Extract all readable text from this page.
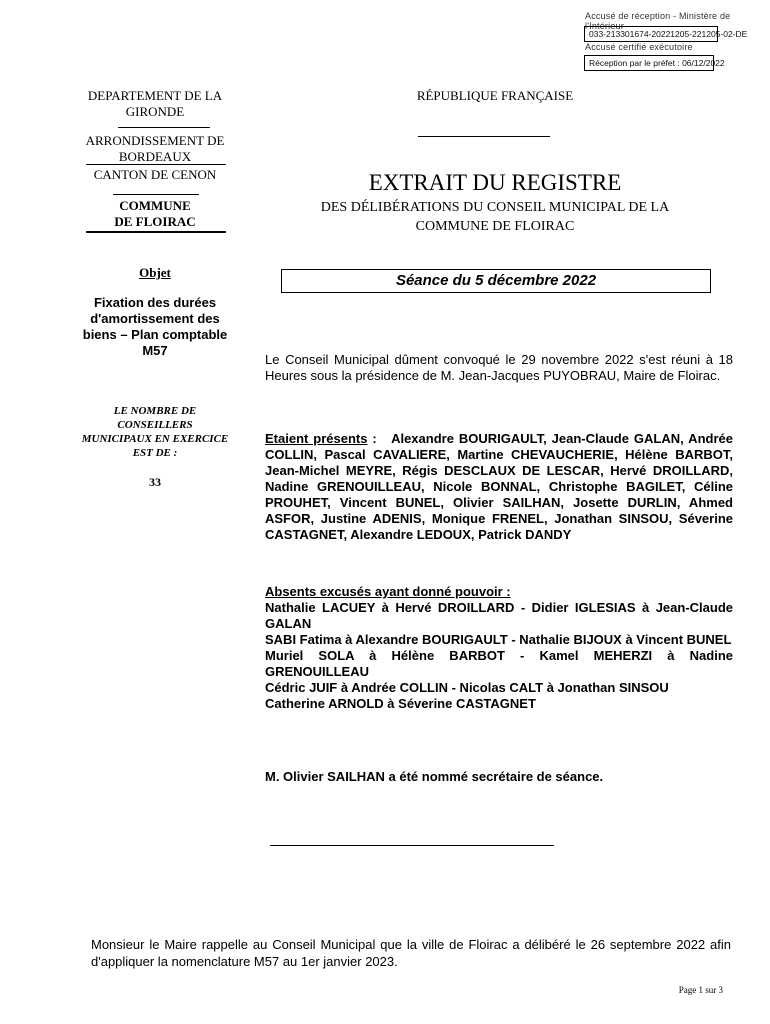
Accusé de réception - Ministère de l'Intérieur
033-213301674-20221205-221205-02-DE
Accusé certifié exécutoire
Réception par le préfet : 06/12/2022
DEPARTEMENT DE LA GIRONDE
ARRONDISSEMENT DE BORDEAUX
CANTON DE CENON
COMMUNE
DE FLOIRAC
Objet
Fixation des durées d'amortissement des biens – Plan comptable M57
LE NOMBRE DE CONSEILLERS
MUNICIPAUX EN EXERCICE EST DE :
33
RÉPUBLIQUE FRANÇAISE
EXTRAIT DU REGISTRE
DES DÉLIBÉRATIONS DU CONSEIL MUNICIPAL DE LA
COMMUNE DE FLOIRAC
Séance du 5 décembre 2022
Le Conseil Municipal dûment convoqué le 29 novembre 2022 s'est réuni à 18 Heures sous la présidence de M. Jean-Jacques PUYOBRAU, Maire de Floirac.
Etaient présents : Alexandre BOURIGAULT, Jean-Claude GALAN, Andrée COLLIN, Pascal CAVALIERE, Martine CHEVAUCHERIE, Hélène BARBOT, Jean-Michel MEYRE, Régis DESCLAUX DE LESCAR, Hervé DROILLARD, Nadine GRENOUILLEAU, Nicole BONNAL, Christophe BAGILET, Céline PROUHET, Vincent BUNEL, Olivier SAILHAN, Josette DURLIN, Ahmed ASFOR, Justine ADENIS, Monique FRENEL, Jonathan SINSOU, Séverine CASTAGNET, Alexandre LEDOUX, Patrick DANDY

Absents excusés ayant donné pouvoir :

Nathalie LACUEY à Hervé DROILLARD - Didier IGLESIAS à Jean-Claude GALAN

SABI Fatima à Alexandre BOURIGAULT - Nathalie BIJOUX à Vincent BUNEL

Muriel SOLA à Hélène BARBOT - Kamel MEHERZI à Nadine GRENOUILLEAU

Cédric JUIF à Andrée COLLIN - Nicolas CALT à Jonathan SINSOU

Catherine ARNOLD à Séverine CASTAGNET

M. Olivier SAILHAN a été nommé secrétaire de séance.
Monsieur le Maire rappelle au Conseil Municipal que la ville de Floirac a délibéré le 26 septembre 2022 afin d'appliquer la nomenclature M57 au 1er janvier 2023.
Page 1 sur 3
